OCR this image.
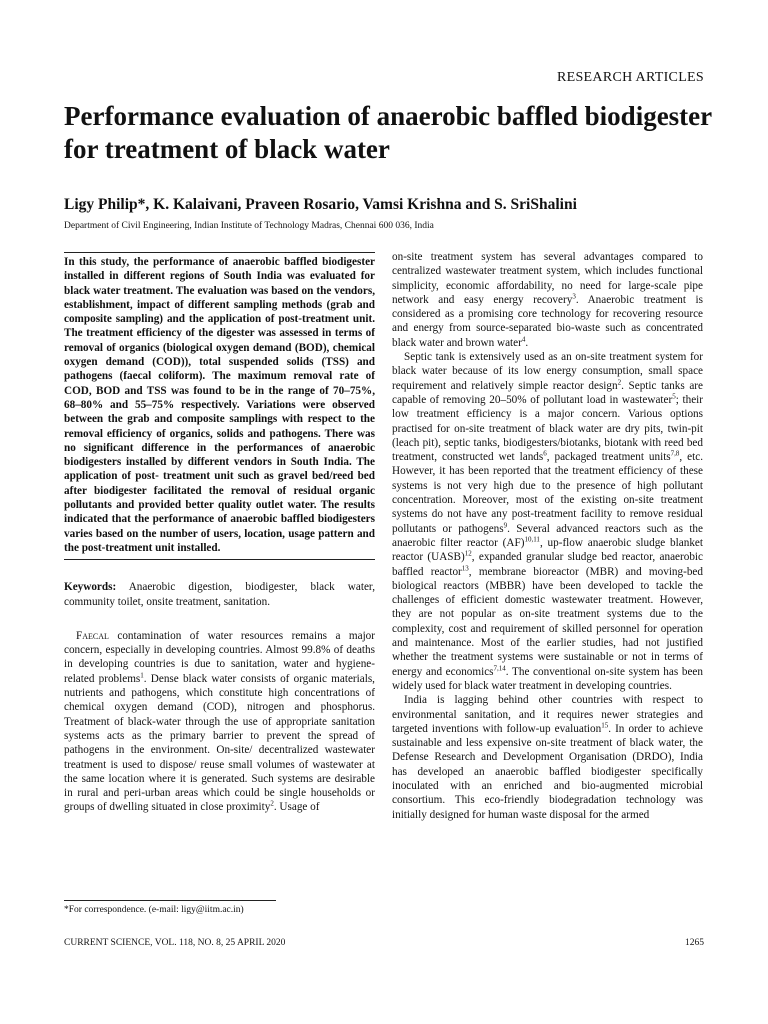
RESEARCH ARTICLES
Performance evaluation of anaerobic baffled biodigester for treatment of black water
Ligy Philip*, K. Kalaivani, Praveen Rosario, Vamsi Krishna and S. SriShalini
Department of Civil Engineering, Indian Institute of Technology Madras, Chennai 600 036, India
In this study, the performance of anaerobic baffled biodigester installed in different regions of South India was evaluated for black water treatment. The evaluation was based on the vendors, establishment, impact of different sampling methods (grab and composite sampling) and the application of post-treatment unit. The treatment efficiency of the digester was assessed in terms of removal of organics (biological oxygen demand (BOD), chemical oxygen demand (COD)), total suspended solids (TSS) and pathogens (faecal coliform). The maximum removal rate of COD, BOD and TSS was found to be in the range of 70–75%, 68–80% and 55–75% respectively. Variations were observed between the grab and composite samplings with respect to the removal efficiency of organics, solids and pathogens. There was no significant difference in the performances of anaerobic biodigesters installed by different vendors in South India. The application of post- treatment unit such as gravel bed/reed bed after biodigester facilitated the removal of residual organic pollutants and provided better quality outlet water. The results indicated that the performance of anaerobic baffled biodigesters varies based on the number of users, location, usage pattern and the post-treatment unit installed.

Keywords: Anaerobic digestion, biodigester, black water, community toilet, onsite treatment, sanitation.

Faecal contamination of water resources remains a major concern, especially in developing countries. Almost 99.8% of deaths in developing countries is due to sanitation, water and hygiene-related problems$^1$. Dense black water consists of organic materials, nutrients and pathogens, which constitute high concentrations of chemical oxygen demand (COD), nitrogen and phosphorus. Treatment of black-water through the use of appropriate sanitation systems acts as the primary barrier to prevent the spread of pathogens in the environment. On-site/ decentralized wastewater treatment is used to dispose/ reuse small volumes of wastewater at the same location where it is generated. Such systems are desirable in rural and peri-urban areas which could be single households or groups of dwelling situated in close proximity$^2$. Usage of

on-site treatment system has several advantages compared to centralized wastewater treatment system, which includes functional simplicity, economic affordability, no need for large-scale pipe network and easy energy recovery$^3$. Anaerobic treatment is considered as a promising core technology for recovering resource and energy from source-separated bio-waste such as concentrated black water and brown water$^4$.

Septic tank is extensively used as an on-site treatment system for black water because of its low energy consumption, small space requirement and relatively simple reactor design$^2$. Septic tanks are capable of removing 20–50% of pollutant load in wastewater$^5$; their low treatment efficiency is a major concern. Various options practised for on-site treatment of black water are dry pits, twin-pit (leach pit), septic tanks, biodigesters/biotanks, biotank with reed bed treatment, constructed wet lands$^6$, packaged treatment units$^{7,8}$, etc. However, it has been reported that the treatment efficiency of these systems is not very high due to the presence of high pollutant concentration. Moreover, most of the existing on-site treatment systems do not have any post-treatment facility to remove residual pollutants or pathogens$^9$. Several advanced reactors such as the anaerobic filter reactor (AF)$^{10,11}$, up-flow anaerobic sludge blanket reactor (UASB)$^{12}$, expanded granular sludge bed reactor, anaerobic baffled reactor$^{13}$, membrane bioreactor (MBR) and moving-bed biological reactors (MBBR) have been developed to tackle the challenges of efficient domestic wastewater treatment. However, they are not popular as on-site treatment systems due to the complexity, cost and requirement of skilled personnel for operation and maintenance. Most of the earlier studies, had not justified whether the treatment systems were sustainable or not in terms of energy and economics$^{7,14}$. The conventional on-site system has been widely used for black water treatment in developing countries.

India is lagging behind other countries with respect to environmental sanitation, and it requires newer strategies and targeted inventions with follow-up evaluation$^{15}$. In order to achieve sustainable and less expensive on-site treatment of black water, the Defense Research and Development Organisation (DRDO), India has developed an anaerobic baffled biodigester specifically inoculated with an enriched and bio-augmented microbial consortium. This eco-friendly biodegradation technology was initially designed for human waste disposal for the armed

*For correspondence. (e-mail: ligy@iitm.ac.in)
CURRENT SCIENCE, VOL. 118, NO. 8, 25 APRIL 2020	1265
